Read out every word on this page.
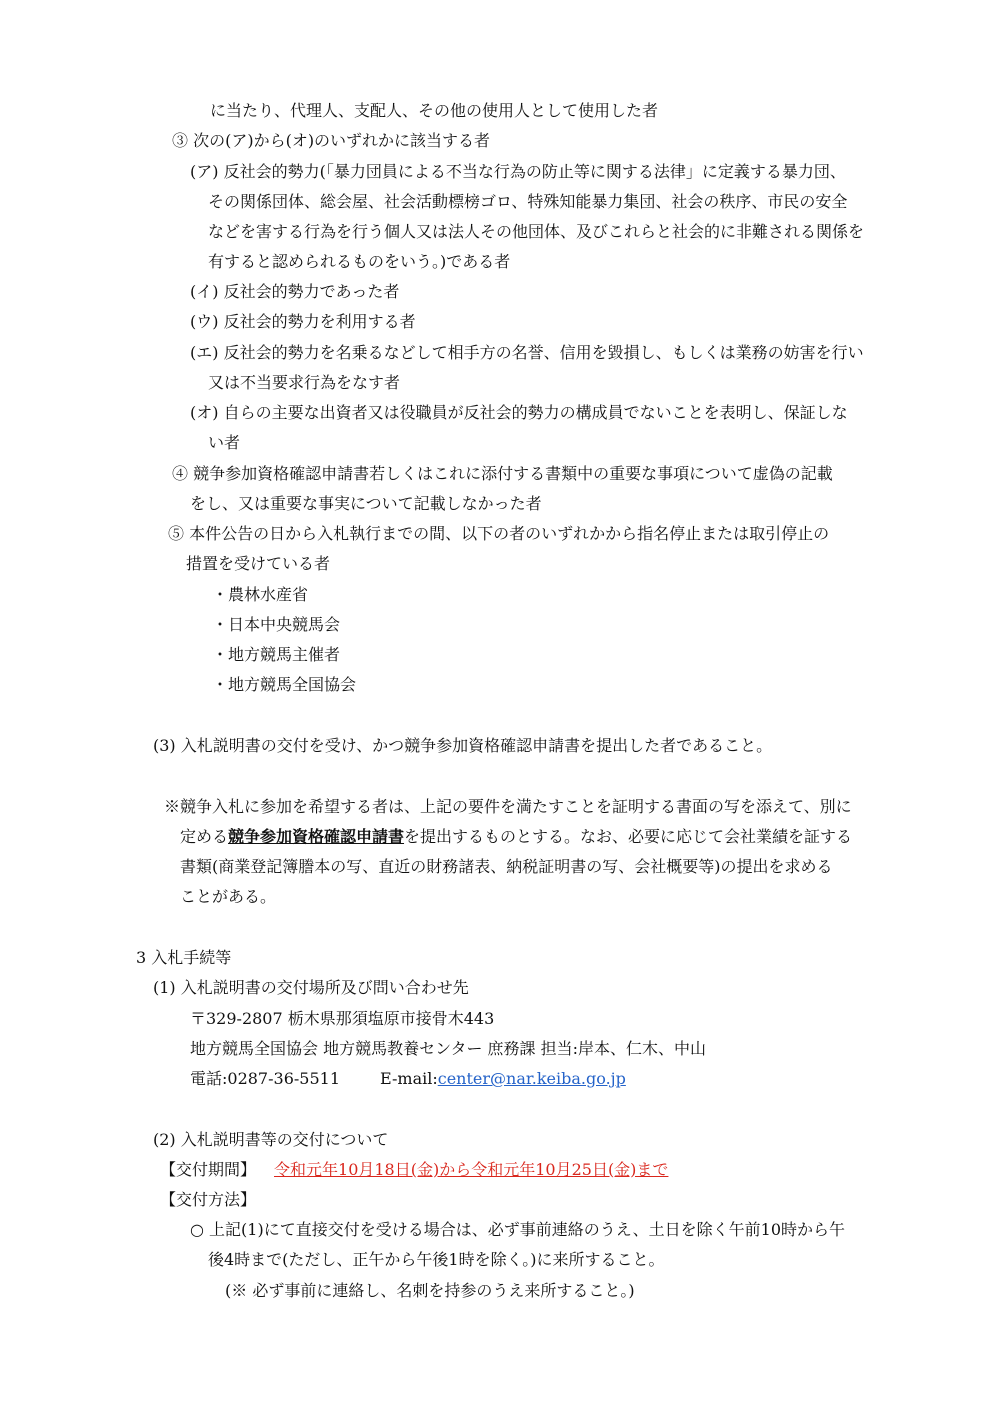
に当たり、代理人、支配人、その他の使用人として使用した者
③ 次の(ア)から(オ)のいずれかに該当する者
(ア) 反社会的勢力(「暴力団員による不当な行為の防止等に関する法律」に定義する暴力団、
その関係団体、総会屋、社会活動標榜ゴロ、特殊知能暴力集団、社会の秩序、市民の安全
などを害する行為を行う個人又は法人その他団体、及びこれらと社会的に非難される関係を
有すると認められるものをいう。)である者
(イ) 反社会的勢力であった者
(ウ) 反社会的勢力を利用する者
(エ) 反社会的勢力を名乗るなどして相手方の名誉、信用を毀損し、もしくは業務の妨害を行い
又は不当要求行為をなす者
(オ) 自らの主要な出資者又は役職員が反社会的勢力の構成員でないことを表明し、保証しな
い者
④ 競争参加資格確認申請書若しくはこれに添付する書類中の重要な事項について虚偽の記載
をし、又は重要な事実について記載しなかった者
⑤ 本件公告の日から入札執行までの間、以下の者のいずれかから指名停止または取引停止の
措置を受けている者
・農林水産省
・日本中央競馬会
・地方競馬主催者
・地方競馬全国協会
(3) 入札説明書の交付を受け、かつ競争参加資格確認申請書を提出した者であること。
※競争入札に参加を希望する者は、上記の要件を満たすことを証明する書面の写を添えて、別に
定める競争参加資格確認申請書を提出するものとする。なお、必要に応じて会社業績を証する
書類(商業登記簿謄本の写、直近の財務諸表、納税証明書の写、会社概要等)の提出を求める
ことがある。
3 入札手続等
(1) 入札説明書の交付場所及び問い合わせ先
〒329-2807 栃木県那須塩原市接骨木443
地方競馬全国協会 地方競馬教養センター 庶務課 担当:岸本、仁木、中山
電話:0287-36-5511	E-mail:center@nar.keiba.go.jp
(2) 入札説明書等の交付について
【交付期間】 令和元年10月18日(金)から令和元年10月25日(金)まで
【交付方法】
○ 上記(1)にて直接交付を受ける場合は、必ず事前連絡のうえ、土日を除く午前10時から午
後4時まで(ただし、正午から午後1時を除く。)に来所すること。
(※ 必ず事前に連絡し、名刺を持参のうえ来所すること。)
